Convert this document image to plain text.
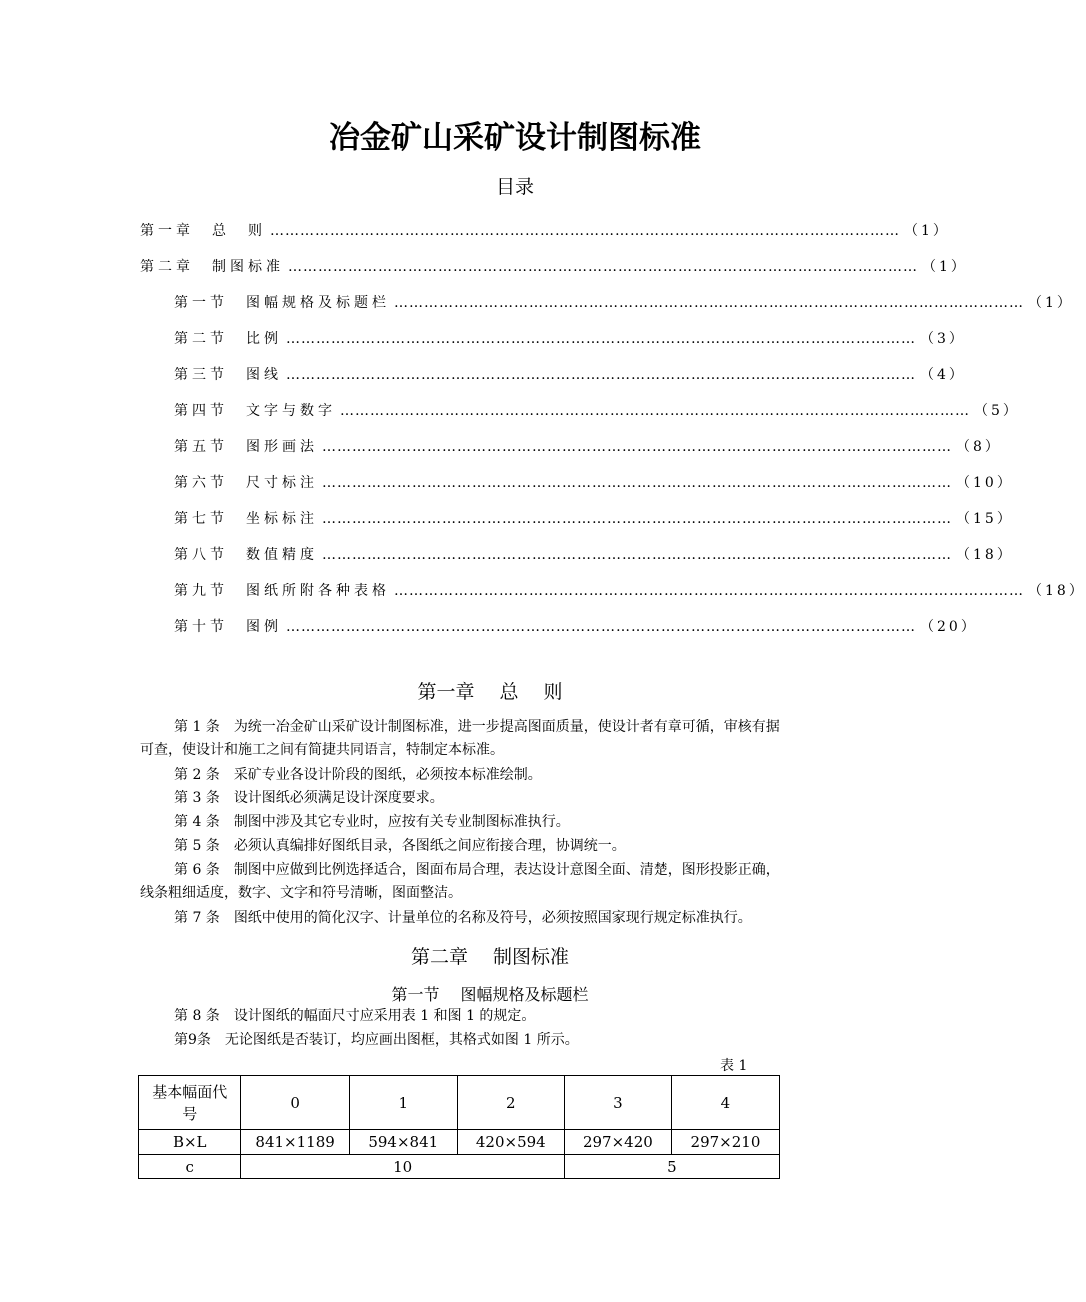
冶金矿山采矿设计制图标准
目录
第一章　总　则 ……………………………………………………………………………………………………………… （1）
第二章　制图标准 ……………………………………………………………………………………………………………… （1）
第一节　图幅规格及标题栏 ……………………………………………………………………………………………………………… （1）
第二节　比例 ……………………………………………………………………………………………………………… （3）
第三节　图线 ……………………………………………………………………………………………………………… （4）
第四节　文字与数字 ……………………………………………………………………………………………………………… （5）
第五节　图形画法 ……………………………………………………………………………………………………………… （8）
第六节　尺寸标注 ……………………………………………………………………………………………………………… （10）
第七节　坐标标注 ……………………………………………………………………………………………………………… （15）
第八节　数值精度 ……………………………………………………………………………………………………………… （18）
第九节　图纸所附各种表格 ……………………………………………………………………………………………………………… （18）
第十节　图例 ……………………………………………………………………………………………………………… （20）
第一章　 总　 则
第 1 条 为统一冶金矿山采矿设计制图标准，进一步提高图面质量，使设计者有章可循，审核有据可查，使设计和施工之间有简捷共同语言，特制定本标准。
第 2 条 采矿专业各设计阶段的图纸，必须按本标准绘制。
第 3 条 设计图纸必须满足设计深度要求。
第 4 条 制图中涉及其它专业时，应按有关专业制图标准执行。
第 5 条 必须认真编排好图纸目录，各图纸之间应衔接合理，协调统一。
第 6 条 制图中应做到比例选择适合，图面布局合理，表达设计意图全面、清楚，图形投影正确，线条粗细适度，数字、文字和符号清晰，图面整洁。
第 7 条 图纸中使用的简化汉字、计量单位的名称及符号，必须按照国家现行规定标准执行。
第二章　 制图标准
第一节　 图幅规格及标题栏
第 8 条 设计图纸的幅面尺寸应采用表 1 和图 1 的规定。
第9条 无论图纸是否装订，均应画出图框，其格式如图 1 所示。
表 1
基本幅面代号	0	1	2	3	4
B×L	841×1189	594×841	420×594	297×420	297×210
c	10			5	
